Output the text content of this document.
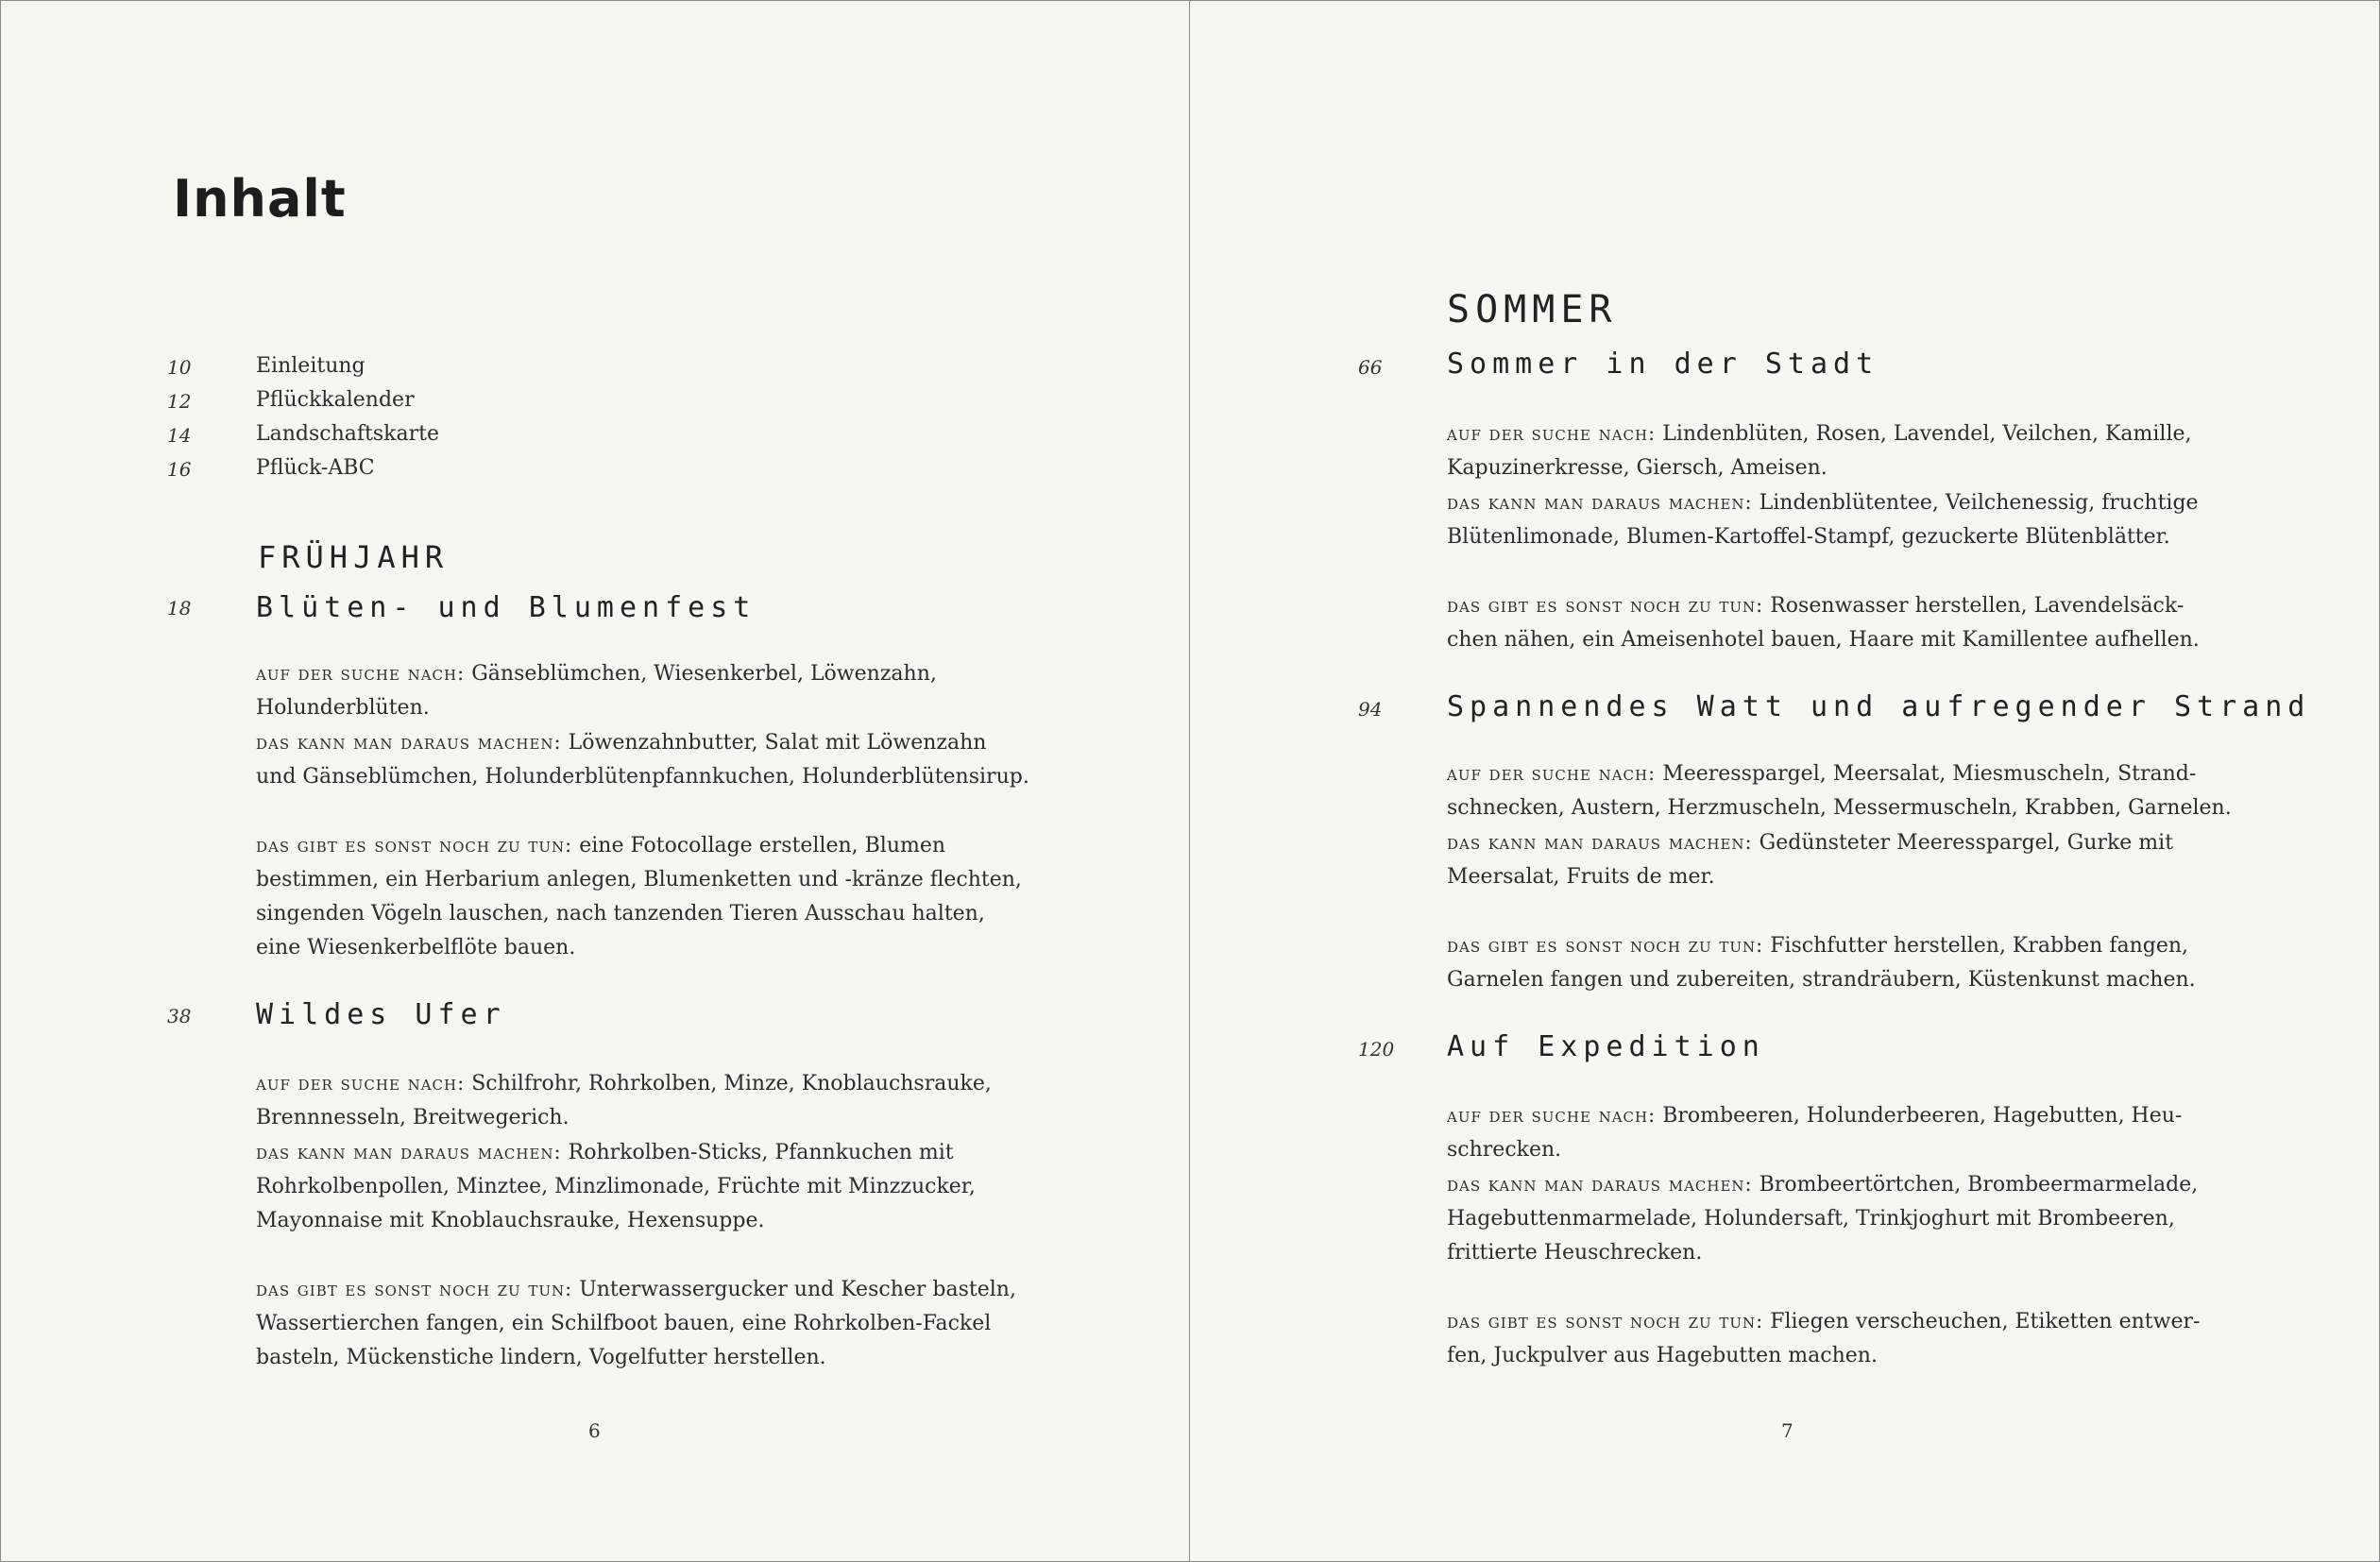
Inhalt
10	Einleitung
12	Pflückkalender
14	Landschaftskarte
16	Pflück-ABC
FRÜHJAHR
18 Blüten- und Blumenfest
auf der suche nach: Gänseblümchen, Wiesenkerbel, Löwenzahn,
Holunderblüten.
das kann man daraus machen: Löwenzahnbutter, Salat mit Löwenzahn
und Gänseblümchen, Holunderblütenpfannkuchen, Holunderblütensirup.
das gibt es sonst noch zu tun: eine Fotocollage erstellen, Blumen
bestimmen, ein Herbarium anlegen, Blumenketten und -kränze flechten,
singenden Vögeln lauschen, nach tanzenden Tieren Ausschau halten,
eine Wiesenkerbelflöte bauen.
38 Wildes Ufer
auf der suche nach: Schilfrohr, Rohrkolben, Minze, Knoblauchsrauke,
Brennnesseln, Breitwegerich.
das kann man daraus machen: Rohrkolben-Sticks, Pfannkuchen mit
Rohrkolbenpollen, Minztee, Minzlimonade, Früchte mit Minzzucker,
Mayonnaise mit Knoblauchsrauke, Hexensuppe.
das gibt es sonst noch zu tun: Unterwassergucker und Kescher basteln,
Wassertierchen fangen, ein Schilfboot bauen, eine Rohrkolben-Fackel
basteln, Mückenstiche lindern, Vogelfutter herstellen.
6
SOMMER
66 Sommer in der Stadt
auf der suche nach: Lindenblüten, Rosen, Lavendel, Veilchen, Kamille,
Kapuzinerkresse, Giersch, Ameisen.
das kann man daraus machen: Lindenblütentee, Veilchenessig, fruchtige
Blütenlimonade, Blumen-Kartoffel-Stampf, gezuckerte Blütenblätter.
das gibt es sonst noch zu tun: Rosenwasser herstellen, Lavendelsäck-
chen nähen, ein Ameisenhotel bauen, Haare mit Kamillentee aufhellen.
94 Spannendes Watt und aufregender Strand
auf der suche nach: Meeresspargel, Meersalat, Miesmuscheln, Strand-
schnecken, Austern, Herzmuscheln, Messermuscheln, Krabben, Garnelen.
das kann man daraus machen: Gedünsteter Meeresspargel, Gurke mit
Meersalat, Fruits de mer.
das gibt es sonst noch zu tun: Fischfutter herstellen, Krabben fangen,
Garnelen fangen und zubereiten, strandräubern, Küstenkunst machen.
120 Auf Expedition
auf der suche nach: Brombeeren, Holunderbeeren, Hagebutten, Heu-
schrecken.
das kann man daraus machen: Brombeertörtchen, Brombeermarmelade,
Hagebuttenmarmelade, Holundersaft, Trinkjoghurt mit Brombeeren,
frittierte Heuschrecken.
das gibt es sonst noch zu tun: Fliegen verscheuchen, Etiketten entwer-
fen, Juckpulver aus Hagebutten machen.
7
